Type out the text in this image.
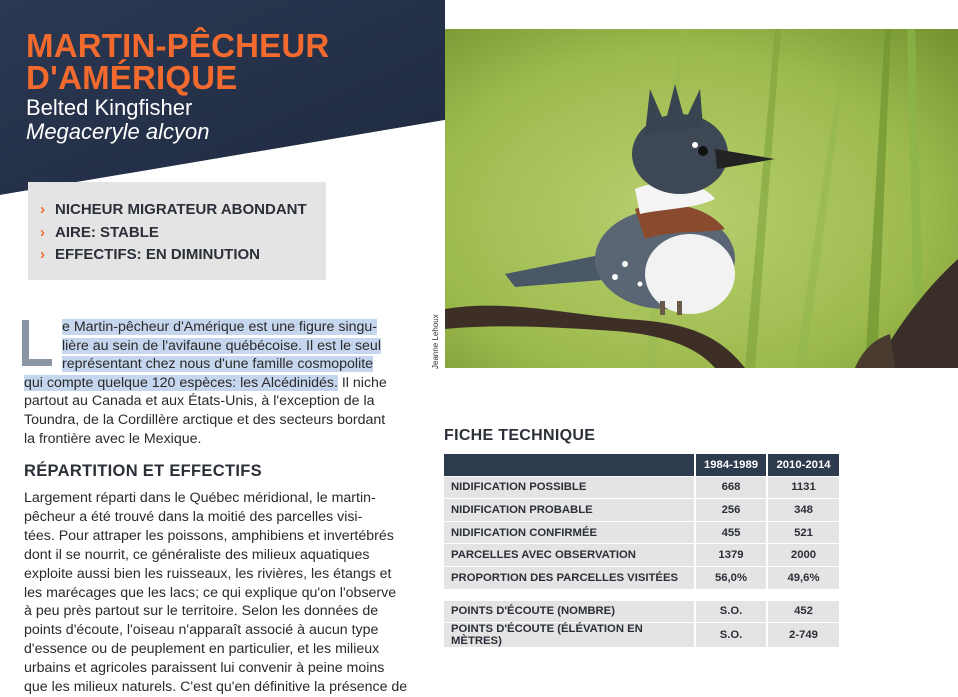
MARTIN-PÊCHEUR
D'AMÉRIQUE
Belted Kingfisher
Megaceryle alcyon
› NICHEUR MIGRATEUR ABONDANT
› AIRE: STABLE
› EFFECTIFS: EN DIMINUTION
Jeanne Lehoux
e Martin-pêcheur d'Amérique est une figure singu-
lière au sein de l'avifaune québécoise. Il est le seul
représentant chez nous d'une famille cosmopolite
qui compte quelque 120 espèces: les Alcédinidés. Il niche
partout au Canada et aux États-Unis, à l'exception de la
Toundra, de la Cordillère arctique et des secteurs bordant
la frontière avec le Mexique.
RÉPARTITION ET EFFECTIFS
Largement réparti dans le Québec méridional, le martin-
pêcheur a été trouvé dans la moitié des parcelles visi-
tées. Pour attraper les poissons, amphibiens et invertébrés
dont il se nourrit, ce généraliste des milieux aquatiques
exploite aussi bien les ruisseaux, les rivières, les étangs et
les marécages que les lacs; ce qui explique qu'on l'observe
à peu près partout sur le territoire. Selon les données de
points d'écoute, l'oiseau n'apparaît associé à aucun type
d'essence ou de peuplement en particulier, et les milieux
urbains et agricoles paraissent lui convenir à peine moins
que les milieux naturels. C'est qu'en définitive la présence de
FICHE TECHNIQUE
	1984-1989	2010-2014
NIDIFICATION POSSIBLE	668	1131
NIDIFICATION PROBABLE	256	348
NIDIFICATION CONFIRMÉE	455	521
PARCELLES AVEC OBSERVATION	1379	2000
PROPORTION DES PARCELLES VISITÉES	56,0%	49,6%

POINTS D'ÉCOUTE (NOMBRE)	S.O.	452
POINTS D'ÉCOUTE (ÉLÉVATION EN MÈTRES)	S.O.	2-749
